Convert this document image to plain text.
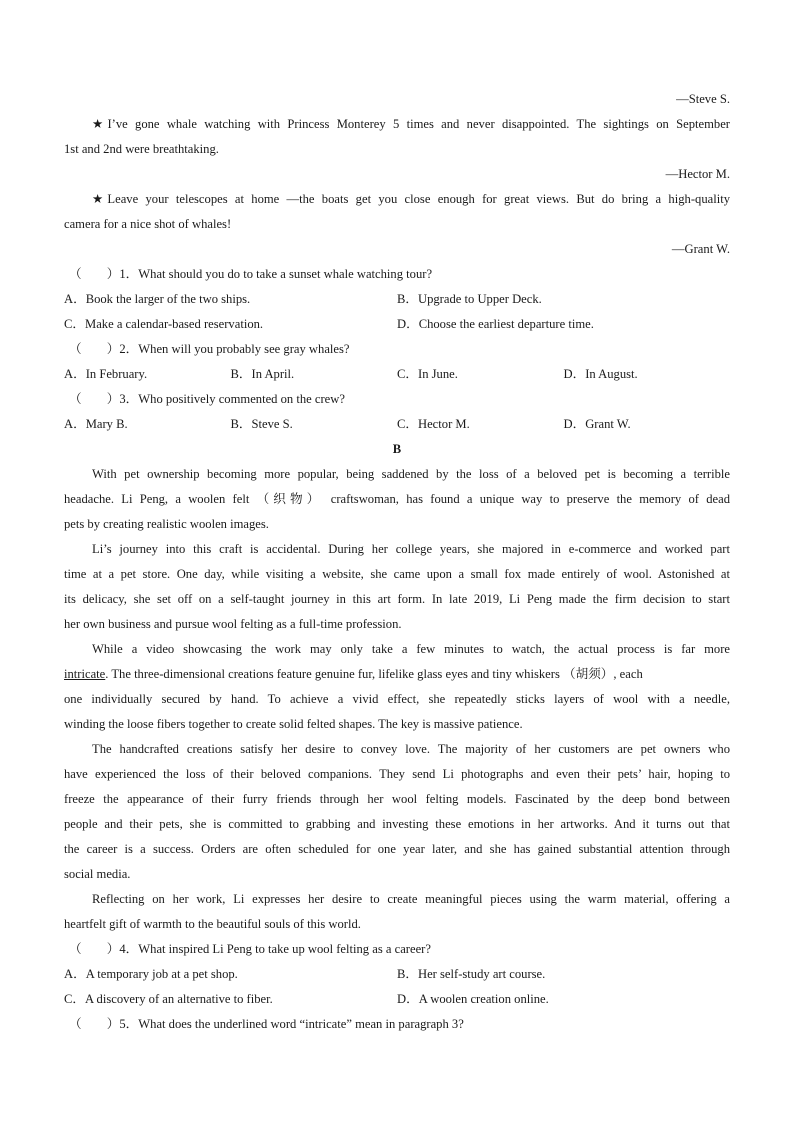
—Steve S.
★I’ve gone whale watching with Princess Monterey 5 times and never disappointed. The sightings on September
1st and 2nd were breathtaking.
—Hector M.
★Leave your telescopes at home —the boats get you close enough for great views. But do bring a high-quality
camera for a nice shot of whales!
—Grant W.
（　　）1．What should you do to take a sunset whale watching tour?
A．Book the larger of the two ships.	B．Upgrade to Upper Deck.
C．Make a calendar-based reservation.	D．Choose the earliest departure time.
（　　）2．When will you probably see gray whales?
A．In February.	B．In April.	C．In June.	D．In August.
（　　）3．Who positively commented on the crew?
A．Mary B.	B．Steve S.	C．Hector M.	D．Grant W.
B
With pet ownership becoming more popular, being saddened by the loss of a beloved pet is becoming a terrible
headache. Li Peng, a woolen felt （织物） craftswoman, has found a unique way to preserve the memory of dead
pets by creating realistic woolen images.
Li’s journey into this craft is accidental. During her college years, she majored in e-commerce and worked part
time at a pet store. One day, while visiting a website, she came upon a small fox made entirely of wool. Astonished at
its delicacy, she set off on a self-taught journey in this art form. In late 2019, Li Peng made the firm decision to start
her own business and pursue wool felting as a full-time profession.
While a video showcasing the work may only take a few minutes to watch, the actual process is far more
intricate. The three-dimensional creations feature genuine fur, lifelike glass eyes and tiny whiskers （胡须）, each
one individually secured by hand. To achieve a vivid effect, she repeatedly sticks layers of wool with a needle,
winding the loose fibers together to create solid felted shapes. The key is massive patience.
The handcrafted creations satisfy her desire to convey love. The majority of her customers are pet owners who
have experienced the loss of their beloved companions. They send Li photographs and even their pets’ hair, hoping to
freeze the appearance of their furry friends through her wool felting models. Fascinated by the deep bond between
people and their pets, she is committed to grabbing and investing these emotions in her artworks. And it turns out that
the career is a success. Orders are often scheduled for one year later, and she has gained substantial attention through
social media.
Reflecting on her work, Li expresses her desire to create meaningful pieces using the warm material, offering a
heartfelt gift of warmth to the beautiful souls of this world.
（　　）4．What inspired Li Peng to take up wool felting as a career?
A．A temporary job at a pet shop.	B．Her self-study art course.
C．A discovery of an alternative to fiber.	D．A woolen creation online.
（　　）5．What does the underlined word “intricate” mean in paragraph 3?
